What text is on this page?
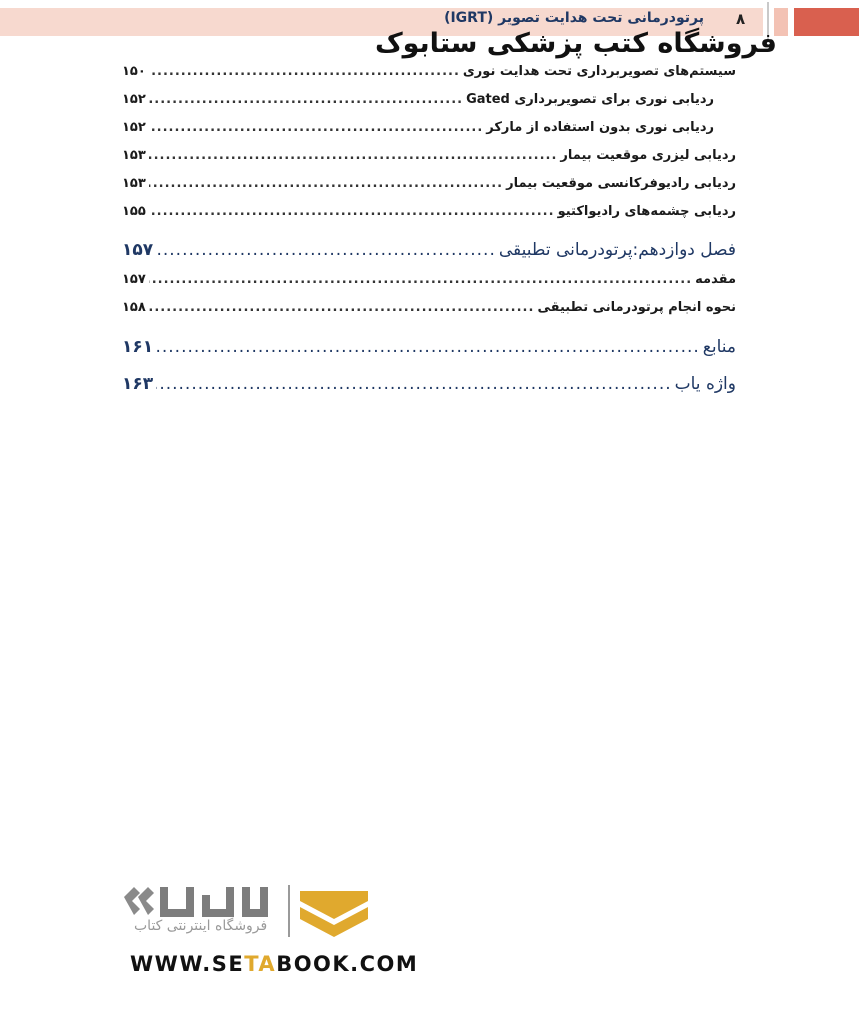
پرتودرمانی تحت هدایت تصویر (IGRT) ۸
فروشگاه کتب پزشکی ستابوک
سیستم‌های تصویربرداری تحت هدایت نوری
.....
۱۵۰
ردیابی نوری برای تصویربرداری Gated
.....
۱۵۲
ردیابی نوری بدون استفاده از مارکر
.....
۱۵۲
ردیابی لیزری موقعیت بیمار
.....
۱۵۳
ردیابی رادیوفرکانسی موقعیت بیمار
.....
۱۵۳
ردیابی چشمه‌های رادیواکتیو
.....
۱۵۵
فصل دوازدهم:پرتودرمانی تطبیقی
.....
۱۵۷
مقدمه
.....
۱۵۷
نحوه انجام پرتودرمانی تطبیقی
.....
۱۵۸
منابع
.....
۱۶۱
واژه یاب
.....
۱۶۳
فروشگاه اینترنتی کتاب
WWW.SETABOOK.COM
